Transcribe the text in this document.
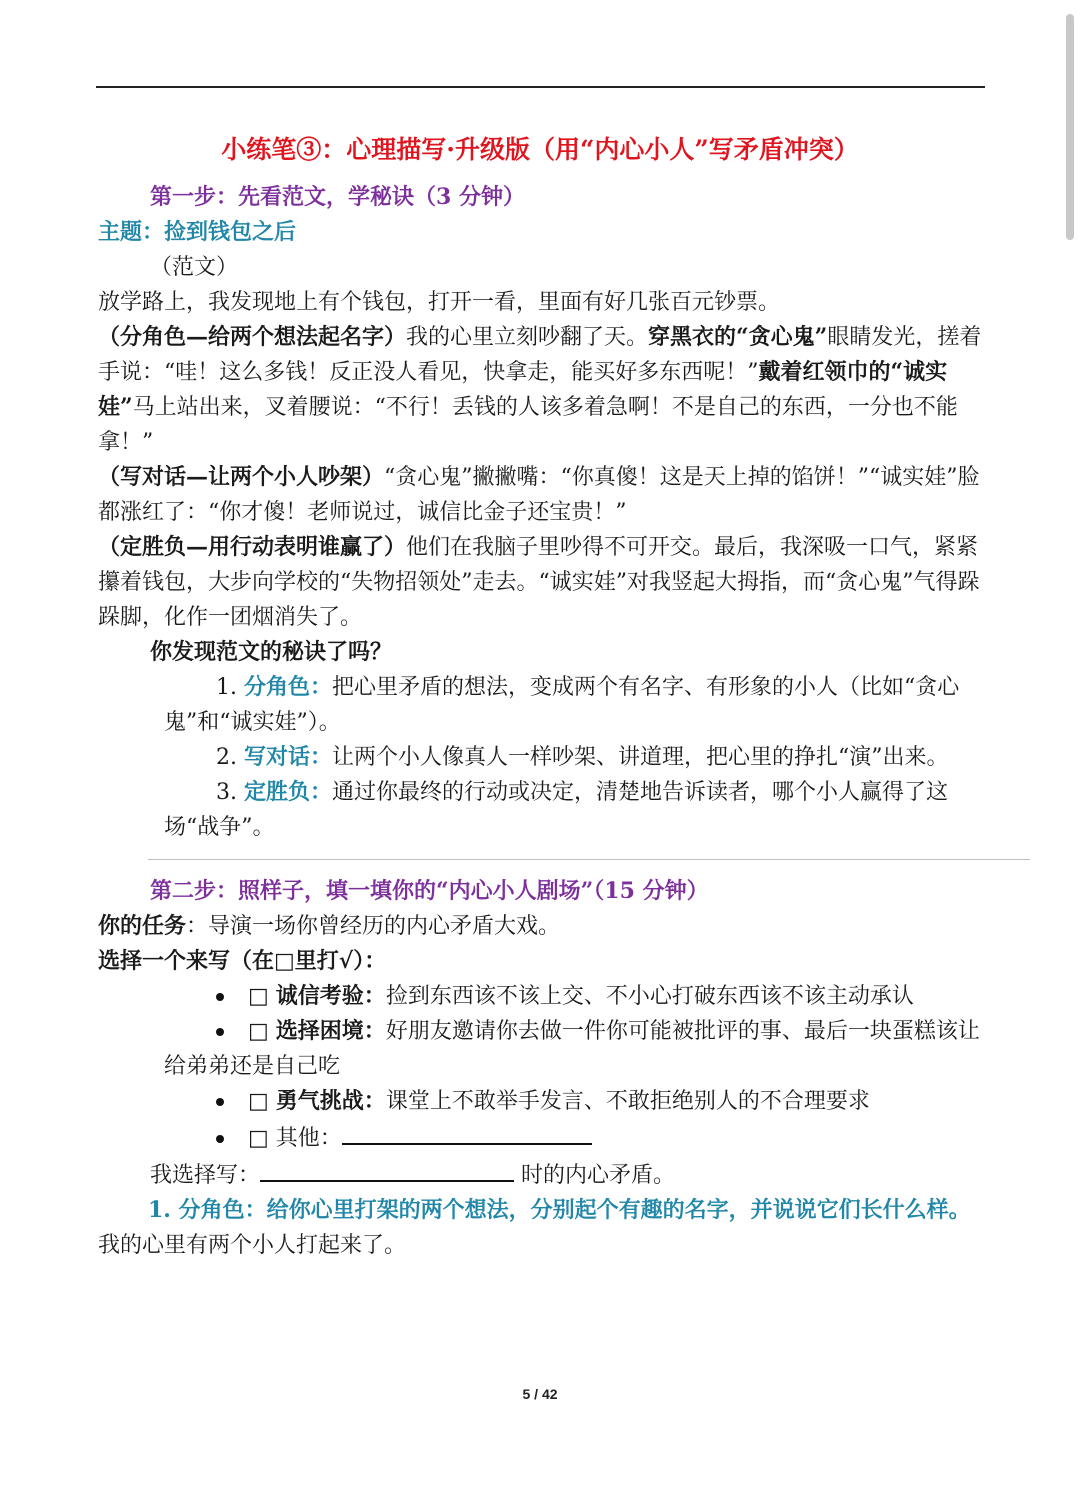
小练笔③：心理描写·升级版（用“内心小人”写矛盾冲突）

第一步：先看范文，学秘诀（3 分钟）

主题：捡到钱包之后

（范文）

放学路上，我发现地上有个钱包，打开一看，里面有好几张百元钞票。

（分角色—给两个想法起名字）我的心里立刻吵翻了天。穿黑衣的“贪心鬼”眼睛发光，搓着手说：“哇！这么多钱！反正没人看见，快拿走，能买好多东西呢！”戴着红领巾的“诚实娃”马上站出来，叉着腰说：“不行！丢钱的人该多着急啊！不是自己的东西，一分也不能拿！”

（写对话—让两个小人吵架）“贪心鬼”撇撇嘴：“你真傻！这是天上掉的馅饼！”“诚实娃”脸都涨红了：“你才傻！老师说过，诚信比金子还宝贵！”

（定胜负—用行动表明谁赢了）他们在我脑子里吵得不可开交。最后，我深吸一口气，紧紧攥着钱包，大步向学校的“失物招领处”走去。“诚实娃”对我竖起大拇指，而“贪心鬼”气得跺跺脚，化作一团烟消失了。

你发现范文的秘诀了吗？

1. 分角色：把心里矛盾的想法，变成两个有名字、有形象的小人（比如“贪心鬼”和“诚实娃”）。

2. 写对话：让两个小人像真人一样吵架、讲道理，把心里的挣扎“演”出来。

3. 定胜负：通过你最终的行动或决定，清楚地告诉读者，哪个小人赢得了这场“战争”。

第二步：照样子，填一填你的“内心小人剧场”（15 分钟）

你的任务：导演一场你曾经历的内心矛盾大戏。

选择一个来写（在□里打√）：

□ 诚信考验：捡到东西该不该上交、不小心打破东西该不该主动承认

□ 选择困境：好朋友邀请你去做一件你可能被批评的事、最后一块蛋糕该让给弟弟还是自己吃

□ 勇气挑战：课堂上不敢举手发言、不敢拒绝别人的不合理要求

□ 其他：

我选择写：	时的内心矛盾。

1. 分角色：给你心里打架的两个想法，分别起个有趣的名字，并说说它们长什么样。

我的心里有两个小人打起来了。

5 / 42
